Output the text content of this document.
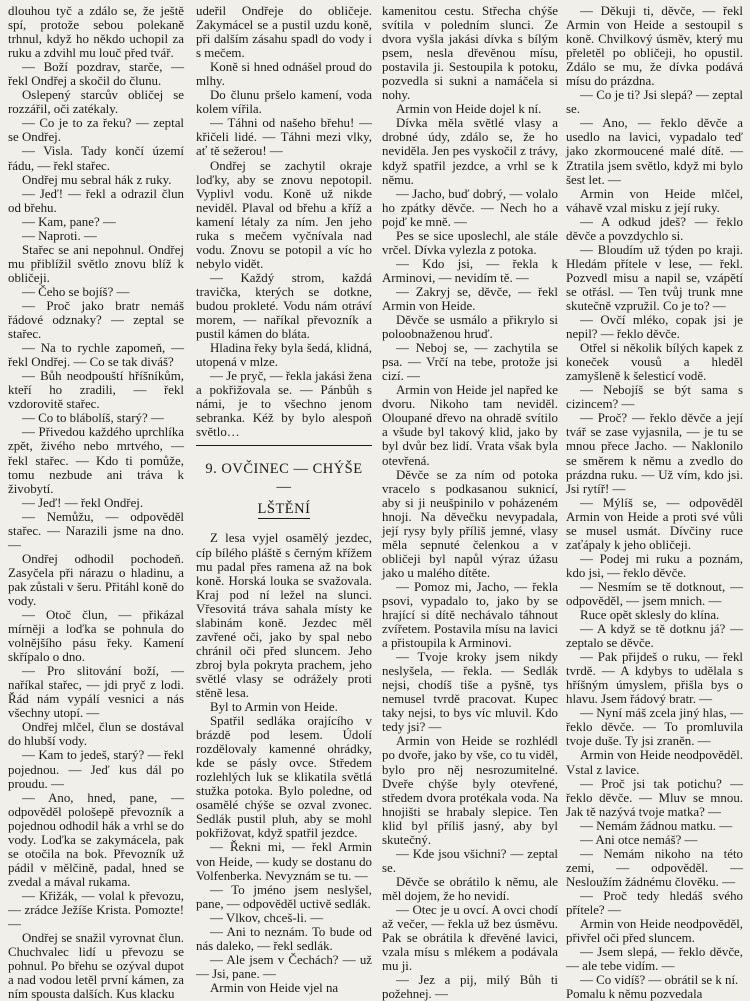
dlouhou tyč a zdálo se, že ještě spí, protože sebou polekaně trhnul, když ho někdo uchopil za ruku a zdvihl mu louč před tvář.

— Boží pozdrav, starče, — řekl Ondřej a skočil do člunu.

Oslepený starcův obličej se rozzářil, oči zatékaly.

— Co je to za řeku? — zeptal se Ondřej.

— Visla. Tady končí území řádu, — řekl stařec.

Ondřej mu sebral hák z ruky.

— Jeď! — řekl a odrazil člun od břehu.

— Kam, pane? —

— Naproti. —

Stařec se ani nepohnul. Ondřej mu přiblížil světlo znovu blíž k obličeji.

— Čeho se bojíš? —

— Proč jako bratr nemáš řádové odznaky? — zeptal se stařec.

— Na to rychle zapomeň, — řekl Ondřej. — Co se tak diváš?

— Bůh neodpouští hříšníkům, kteří ho zradili, — řekl vzdorovitě stařec.

— Co to blábolíš, starý? —

— Přivedou každého uprchlíka zpět, živého nebo mrtvého, — řekl stařec. — Kdo ti pomůže, tomu nezbude ani tráva k živobytí.

— Jeď! — řekl Ondřej.

— Nemůžu, — odpověděl stařec. — Narazili jsme na dno. —

Ondřej odhodil pochodeň. Zasyčela při nárazu o hladinu, a pak zůstali v šeru. Přitáhl koně do vody.

— Otoč člun, — přikázal mírněji a loďka se pohnula do volnějšího pásu řeky. Kamení skřípalo o dno.

— Pro slitování boží, — naříkal stařec, — jdi pryč z lodi. Řád nám vypálí vesnici a nás všechny utopí. —

Ondřej mlčel, člun se dostával do hlubší vody.

— Kam to jedeš, starý? — řekl pojednou. — Jeď kus dál po proudu. —

— Ano, hned, pane, — odpověděl pološepě převozník a pojednou odhodil hák a vrhl se do vody. Loďka se zakymácela, pak se otočila na bok. Převozník už pádil v mělčině, padal, hned se zvedal a mával rukama.

— Křižák, — volal k převozu, — zrádce Ježíše Krista. Pomozte! —

Ondřej se snažil vyrovnat člun. Chuchvalec lidí u převozu se pohnul. Po břehu se ozýval dupot a nad vodou letěl první kámen, za ním spousta dalších. Kus klacku

udeřil Ondřeje do obličeje. Zakymácel se a pustil uzdu koně, při dalším zásahu spadl do vody i s mečem.

Koně si hned odnášel proud do mlhy.

Do člunu pršelo kamení, voda kolem vířila.

— Táhni od našeho břehu! — křičeli lidé. — Táhni mezi vlky, ať tě sežerou! —

Ondřej se zachytil okraje loďky, aby se znovu nepotopil. Vyplivl vodu. Koně už nikde neviděl. Plaval od břehu a kříž a kamení létaly za ním. Jen jeho ruka s mečem vyčnívala nad vodu. Znovu se potopil a víc ho nebylo vidět.

— Každý strom, každá travička, kterých se dotkne, budou prokleté. Vodu nám otráví morem, — naříkal převozník a pustil kámen do bláta.

Hladina řeky byla šedá, klidná, utopená v mlze.

— Je pryč, — řekla jakási žena a pokřižovala se. — Pánbůh s námi, je to všechno jenom sebranka. Kéž by bylo alespoň světlo…

9. OVČINEC — CHÝŠE —
LŠTĚNÍ

Z lesa vyjel osamělý jezdec, cíp bílého pláště s černým křížem mu padal přes ramena až na bok koně. Horská louka se svažovala. Kraj pod ní ležel na slunci. Vřesovitá tráva sahala místy ke slabinám koně. Jezdec měl zavřené oči, jako by spal nebo chránil oči před sluncem. Jeho zbroj byla pokryta prachem, jeho světlé vlasy se odrážely proti stěně lesa.

Byl to Armin von Heide.

Spatřil sedláka orajícího v brázdě pod lesem. Údolí rozdělovaly kamenné ohrádky, kde se pásly ovce. Středem rozlehlých luk se klikatila světlá stužka potoka. Bylo poledne, od osamělé chýše se ozval zvonec. Sedlák pustil pluh, aby se mohl pokřižovat, když spatřil jezdce.

— Řekni mi, — řekl Armin von Heide, — kudy se dostanu do Volfenberka. Nevyznám se tu. —

— To jméno jsem neslyšel, pane, — odpověděl uctivě sedlák.

— Vlkov, chceš-li. —

— Ani to neznám. To bude od nás daleko, — řekl sedlák.

— Ale jsem v Čechách? — už — Jsi, pane. —

Armin von Heide vjel na

kamenitou cestu. Střecha chýše svítila v poledním slunci. Ze dvora vyšla jakási dívka s bílým psem, nesla dřevěnou mísu, postavila ji. Sestoupila k potoku, pozvedla si sukni a namáčela si nohy.

Armin von Heide dojel k ní.

Dívka měla světlé vlasy a drobné údy, zdálo se, že ho neviděla. Jen pes vyskočil z trávy, když spatřil jezdce, a vrhl se k němu.

— Jacho, buď dobrý, — volalo ho zpátky děvče. — Nech ho a pojď ke mně. —

Pes se sice uposlechl, ale stále vrčel. Dívka vylezla z potoka.

— Kdo jsi, — řekla k Arminovi, — nevidím tě. —

— Zakryj se, děvče, — řekl Armin von Heide.

Děvče se usmálo a přikrylo si poloobnaženou hruď.

— Neboj se, — zachytila se psa. — Vrčí na tebe, protože jsi cizí. —

Armin von Heide jel napřed ke dvoru. Nikoho tam neviděl. Oloupané dřevo na ohradě svítilo a všude byl takový klid, jako by byl dvůr bez lidí. Vrata však byla otevřená.

Děvče se za ním od potoka vracelo s podkasanou suknicí, aby si ji neušpinilo v poházeném hnoji. Na děvečku nevypadala, její rysy byly příliš jemné, vlasy měla sepnuté čelenkou a v obličeji byl napůl výraz úžasu jako u malého dítěte.

— Pomoz mi, Jacho, — řekla psovi, vypadalo to, jako by se hrající si dítě nechávalo táhnout zvířetem. Postavila mísu na lavici a přistoupila k Arminovi.

— Tvoje kroky jsem nikdy neslyšela, — řekla. — Sedlák nejsi, chodíš tiše a pyšně, tys nemusel tvrdě pracovat. Kupec taky nejsi, to bys víc mluvil. Kdo tedy jsi? —

Armin von Heide se rozhlédl po dvoře, jako by vše, co tu viděl, bylo pro něj nesrozumitelné. Dveře chýše byly otevřené, středem dvora protékala voda. Na hnojišti se hrabaly slepice. Ten klid byl příliš jasný, aby byl skutečný.

— Kde jsou všichni? — zeptal se.

Děvče se obrátilo k němu, ale měl dojem, že ho nevidí.

— Otec je u ovcí. A ovci chodí až večer, — řekla už bez úsměvu. Pak se obrátila k dřevěné lavici, vzala mísu s mlékem a podávala mu ji.

— Jez a pij, milý Bůh ti požehnej. —

— Děkuji ti, děvče, — řekl Armin von Heide a sestoupil s koně. Chvilkový úsměv, který mu přeletěl po obličeji, ho opustil. Zdálo se mu, že dívka podává mísu do prázdna.

— Co je ti? Jsi slepá? — zeptal se.

— Ano, — řeklo děvče a usedlo na lavici, vypadalo teď jako zkormoucené malé dítě. — Ztratila jsem světlo, když mi bylo šest let. —

Armin von Heide mlčel, váhavě vzal misku z její ruky.

— A odkud jdeš? — řeklo děvče a povzdychlo si.

— Bloudím už týden po kraji. Hledám přítele v lese, — řekl. Pozvedl misu a napil se, vzápětí se otřásl. — Ten tvůj trunk mne skutečně vzpružil. Co je to? —

— Ovčí mléko, copak jsi je nepil? — řeklo děvče.

Otřel si několik bílých kapek z koneček vousů a hleděl zamyšleně k šelesticí vodě.

— Nebojíš se být sama s cizincem? —

— Proč? — řeklo děvče a její tvář se zase vyjasnila, — je tu se mnou přece Jacho. — Naklonilo se směrem k němu a zvedlo do prázdna ruku. — Už vím, kdo jsi. Jsi rytíř! —

— Mýlíš se, — odpověděl Armin von Heide a proti své vůli se musel usmát. Dívčiny ruce zaťápaly k jeho obličeji.

— Podej mi ruku a poznám, kdo jsi, — řeklo děvče.

— Nesmím se tě dotknout, — odpověděl, — jsem mnich. —

Ruce opět sklesly do klína.

— A když se tě dotknu já? — zeptalo se děvče.

— Pak přijdeš o ruku, — řekl tvrdě. — A kdybys to udělala s hříšným úmyslem, přišla bys o hlavu. Jsem řádový bratr. —

— Nyní máš zcela jiný hlas, — řeklo děvče. — To promluvila tvoje duše. Ty jsi zraněn. —

Armin von Heide neodpověděl. Vstal z lavice.

— Proč jsi tak potichu? — řeklo děvče. — Mluv se mnou. Jak tě nazývá tvoje matka? —

— Nemám žádnou matku. —

— Ani otce nemáš? —

— Nemám nikoho na této zemi, — odpověděl. — Nesloužím žádnému člověku. —

— Proč tedy hledáš svého přítele? —

Armin von Heide neodpověděl, přivřel oči před sluncem.

— Jsem slepá, — řeklo děvče, — ale tebe vidím. —

— Co vidíš? — obrátil se k ní.

Pomalu k němu pozvedala
